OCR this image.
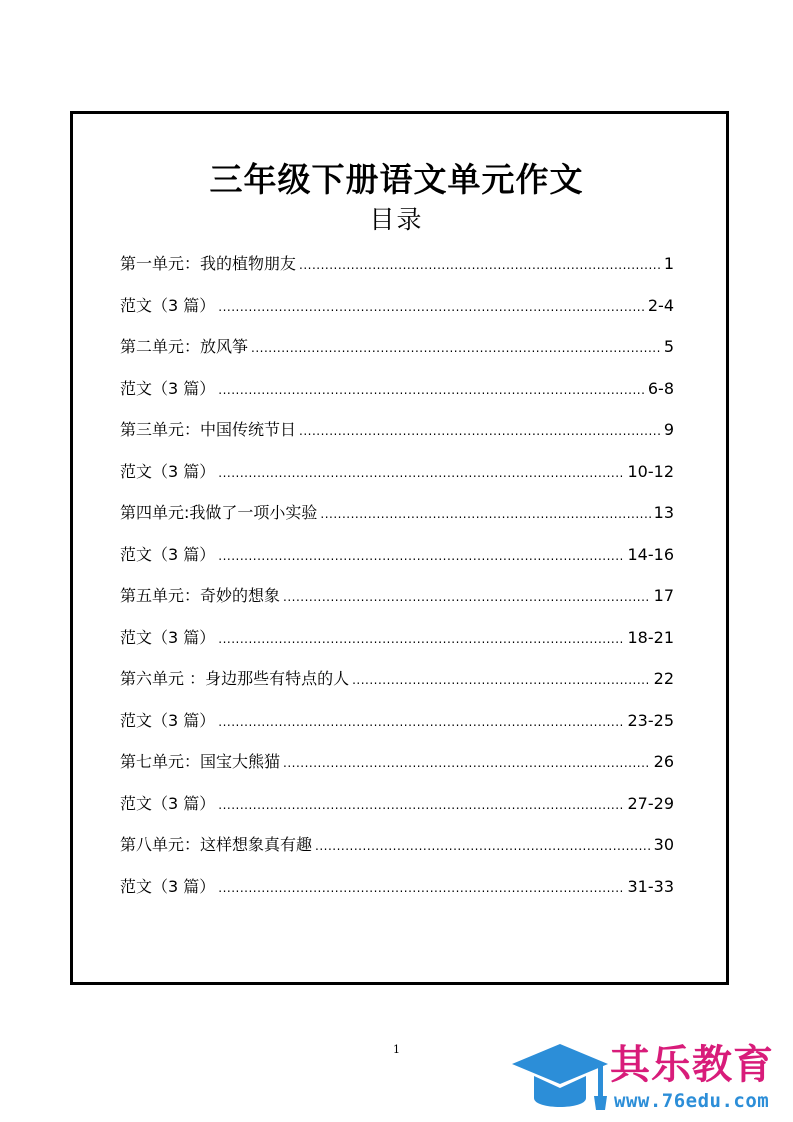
三年级下册语文单元作文
目录
第一单元：我的植物朋友 .....	1
范文（3 篇） .....	2-4
第二单元：放风筝 .....	5
范文（3 篇） .....	6-8
第三单元：中国传统节日 .....	9
范文（3 篇） .....	10-12
第四单元:我做了一项小实验 .....	13
范文（3 篇） .....	14-16
第五单元：奇妙的想象 .....	17
范文（3 篇） .....	18-21
第六单元 ：身边那些有特点的人 .....	22
范文（3 篇） .....	23-25
第七单元：国宝大熊猫 .....	26
范文（3 篇） .....	27-29
第八单元：这样想象真有趣 .....	30
范文（3 篇） .....	31-33
1	其乐教育
www.76edu.com
